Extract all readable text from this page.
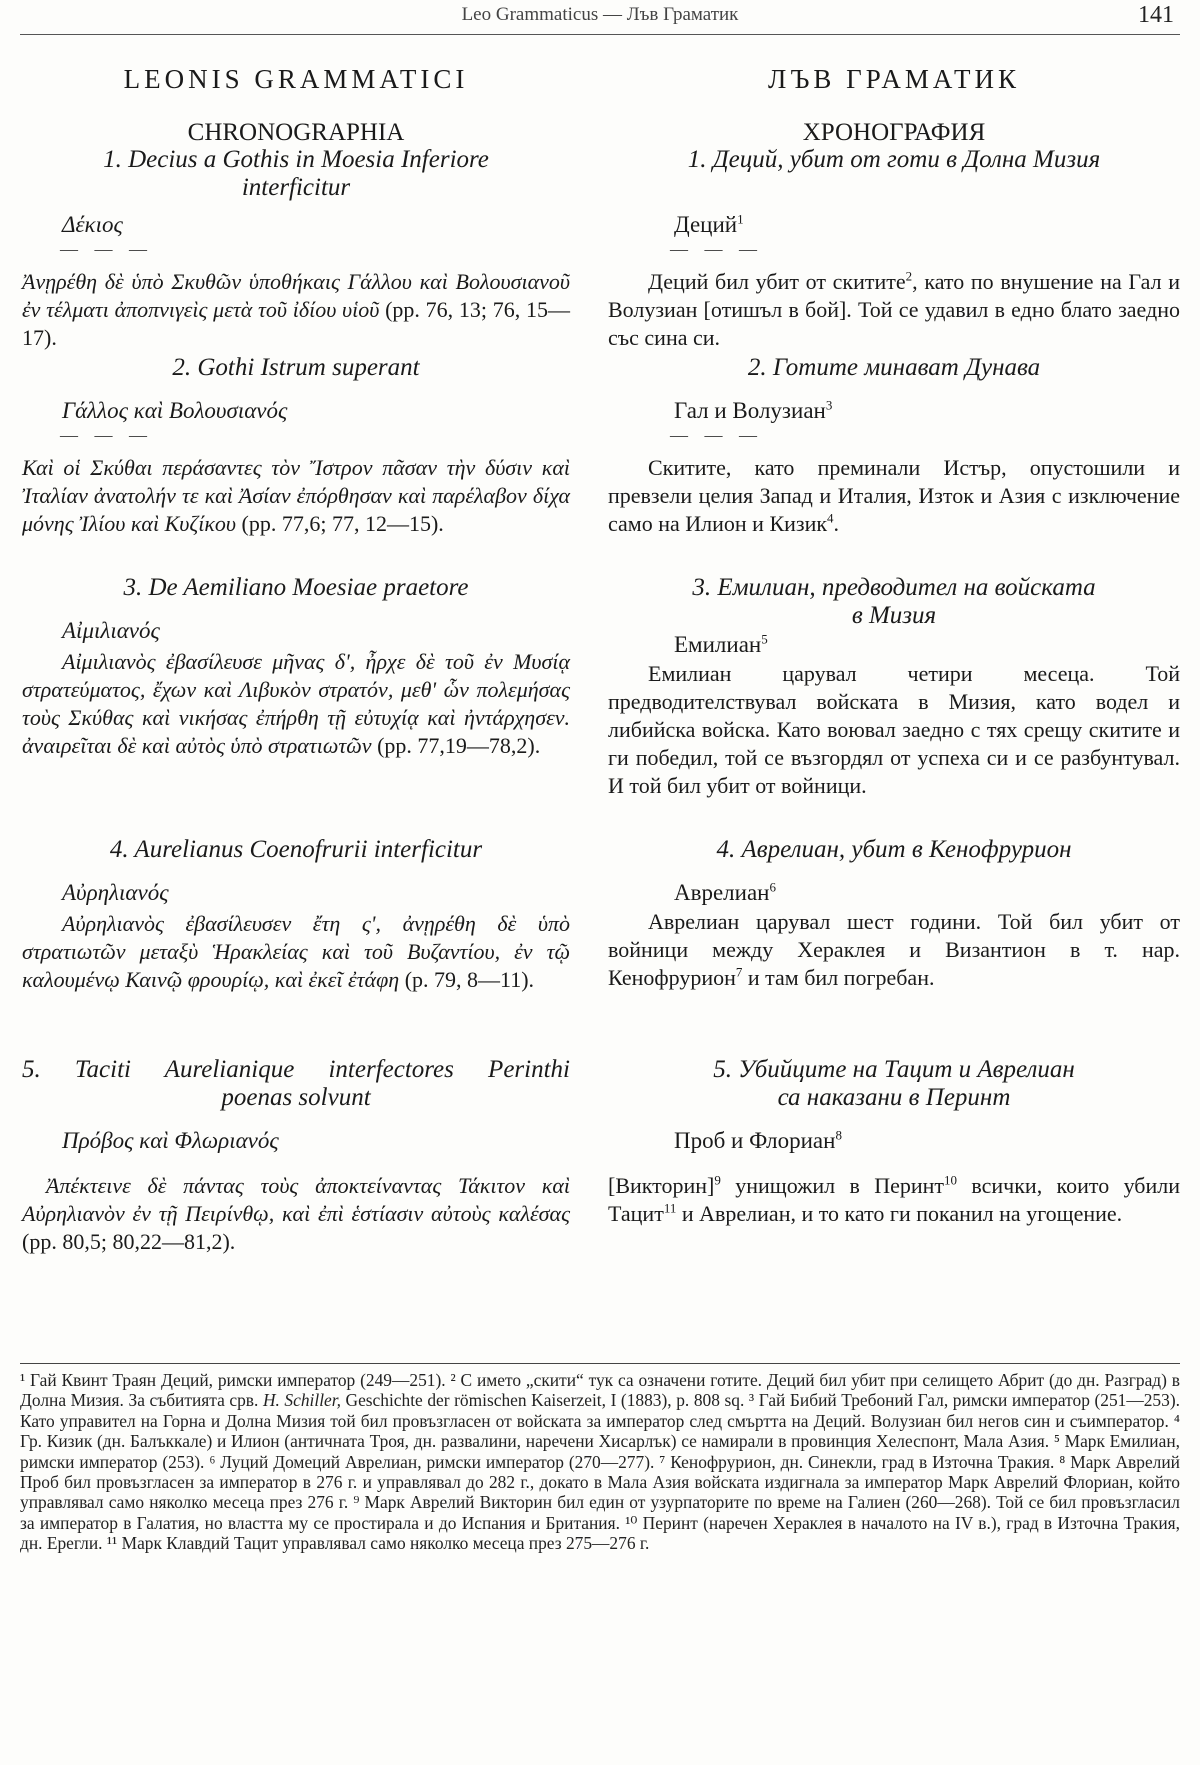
Leo Grammaticus — Лъв Граматик	141
LEONIS GRAMMATICI
CHRONOGRAPHIA

1. Decius a Gothis in Moesia Inferiore

interficitur

Δέκιος

— — —

Ἀνῃρέθη δὲ ὑπὸ Σκυθῶν ὑποθήκαις Γάλλου καὶ Βολουσιανοῦ ἐν τέλματι ἀποπνιγεὶς μετὰ τοῦ ἰδίου υἱοῦ (pp. 76, 13; 76, 15—17).

2. Gothi Istrum superant

Γάλλος καὶ Βολουσιανός

— — —

Καὶ οἱ Σκύθαι περάσαντες τὸν Ἴστρον πᾶσαν τὴν δύσιν καὶ Ἰταλίαν ἀνατολήν τε καὶ Ἀσίαν ἐπόρθησαν καὶ παρέλαβον δίχα μόνης Ἰλίου καὶ Κυζίκου (pp. 77,6; 77, 12—15).

3. De Aemiliano Moesiae praetore

Αἰμιλιανός

Αἰμιλιανὸς ἐβασίλευσε μῆνας δ', ἦρχε δὲ τοῦ ἐν Μυσίᾳ στρατεύματος, ἔχων καὶ Λιβυκὸν στρατόν, μεθ' ὧν πολεμήσας τοὺς Σκύθας καὶ νικήσας ἐπήρθη τῇ εὐτυχίᾳ καὶ ἠντάρχησεν. ἀναιρεῖται δὲ καὶ αὐτὸς ὑπὸ στρατιωτῶν (pp. 77,19—78,2).

4. Aurelianus Coenofrurii interficitur

Αὐρηλιανός

Αὐρηλιανὸς ἐβασίλευσεν ἔτη ς', ἀνῃρέθη δὲ ὑπὸ στρατιωτῶν μεταξὺ Ἡρακλείας καὶ τοῦ Βυζαντίου, ἐν τῷ καλουμένῳ Καινῷ φρουρίῳ, καὶ ἐκεῖ ἐτάφη (p. 79, 8—11).

5. Taciti Aurelianique interfectores Perinthi

poenas solvunt

Πρόβος καὶ Φλωριανός

Ἀπέκτεινε δὲ πάντας τοὺς ἀποκτείναντας Τάκιτον καὶ Αὐρηλιανὸν ἐν τῇ Πειρίνθῳ, καὶ ἐπὶ ἑστίασιν αὐτοὺς καλέσας (pp. 80,5; 80,22—81,2).

ЛЪВ ГРАМАТИК
ХРОНОГРАФИЯ

1. Деций, убит от готи в Долна Мизия

Деций$^1$

— — —

Деций бил убит от скитите$^2$, като по внушение на Гал и Волузиан [отишъл в бой]. Той се удавил в едно блато заедно със сина си.

2. Готите минават Дунава

Гал и Волузиан$^3$

— — —

Скитите, като преминали Истър, опустошили и превзели целия Запад и Италия, Изток и Азия с изключение само на Илион и Кизик$^4$.

3. Емилиан, предводител на войската

в Мизия

Емилиан$^5$

Емилиан царувал четири месеца. Той предводителствувал войската в Мизия, като водел и либийска войска. Като воювал заедно с тях срещу скитите и ги победил, той се възгордял от успеха си и се разбунтувал. И той бил убит от войници.

4. Аврелиан, убит в Кенофрурион

Аврелиан$^6$

Аврелиан царувал шест години. Той бил убит от войници между Хераклея и Византион в т. нар. Кенофрурион$^7$ и там бил погребан.

5. Убийците на Тацит и Аврелиан

са наказани в Перинт

Проб и Флориан$^8$

[Викторин]$^9$ унищожил в Перинт$^{10}$ всички, които убили Тацит$^{11}$ и Аврелиан, и то като ги поканил на угощение.

¹ Гай Квинт Траян Деций, римски император (249—251). ² С името „скити“ тук са означени готите. Деций бил убит при селището Абрит (до дн. Разград) в Долна Мизия. За събитията срв. H. Schiller, Geschichte der römischen Kaiserzeit, I (1883), p. 808 sq. ³ Гай Бибий Требоний Гал, римски император (251—253). Като управител на Горна и Долна Мизия той бил провъзгласен от войската за император след смъртта на Деций. Волузиан бил негов син и съимператор. ⁴ Гр. Кизик (дн. Балъккале) и Илион (античната Троя, дн. развалини, наречени Хисарлък) се намирали в провинция Хелеспонт, Мала Азия. ⁵ Марк Емилиан, римски император (253). ⁶ Луций Домеций Аврелиан, римски император (270—277). ⁷ Кенофрурион, дн. Синекли, град в Източна Тракия. ⁸ Марк Аврелий Проб бил провъзгласен за император в 276 г. и управлявал до 282 г., докато в Мала Азия войската издигнала за император Марк Аврелий Флориан, който управлявал само няколко месеца през 276 г. ⁹ Марк Аврелий Викторин бил един от узурпаторите по време на Галиен (260—268). Той се бил провъзгласил за император в Галатия, но властта му се простирала и до Испания и Британия. ¹⁰ Перинт (наречен Хераклея в началото на IV в.), град в Източна Тракия, дн. Ерегли. ¹¹ Марк Клавдий Тацит управлявал само няколко месеца през 275—276 г.
